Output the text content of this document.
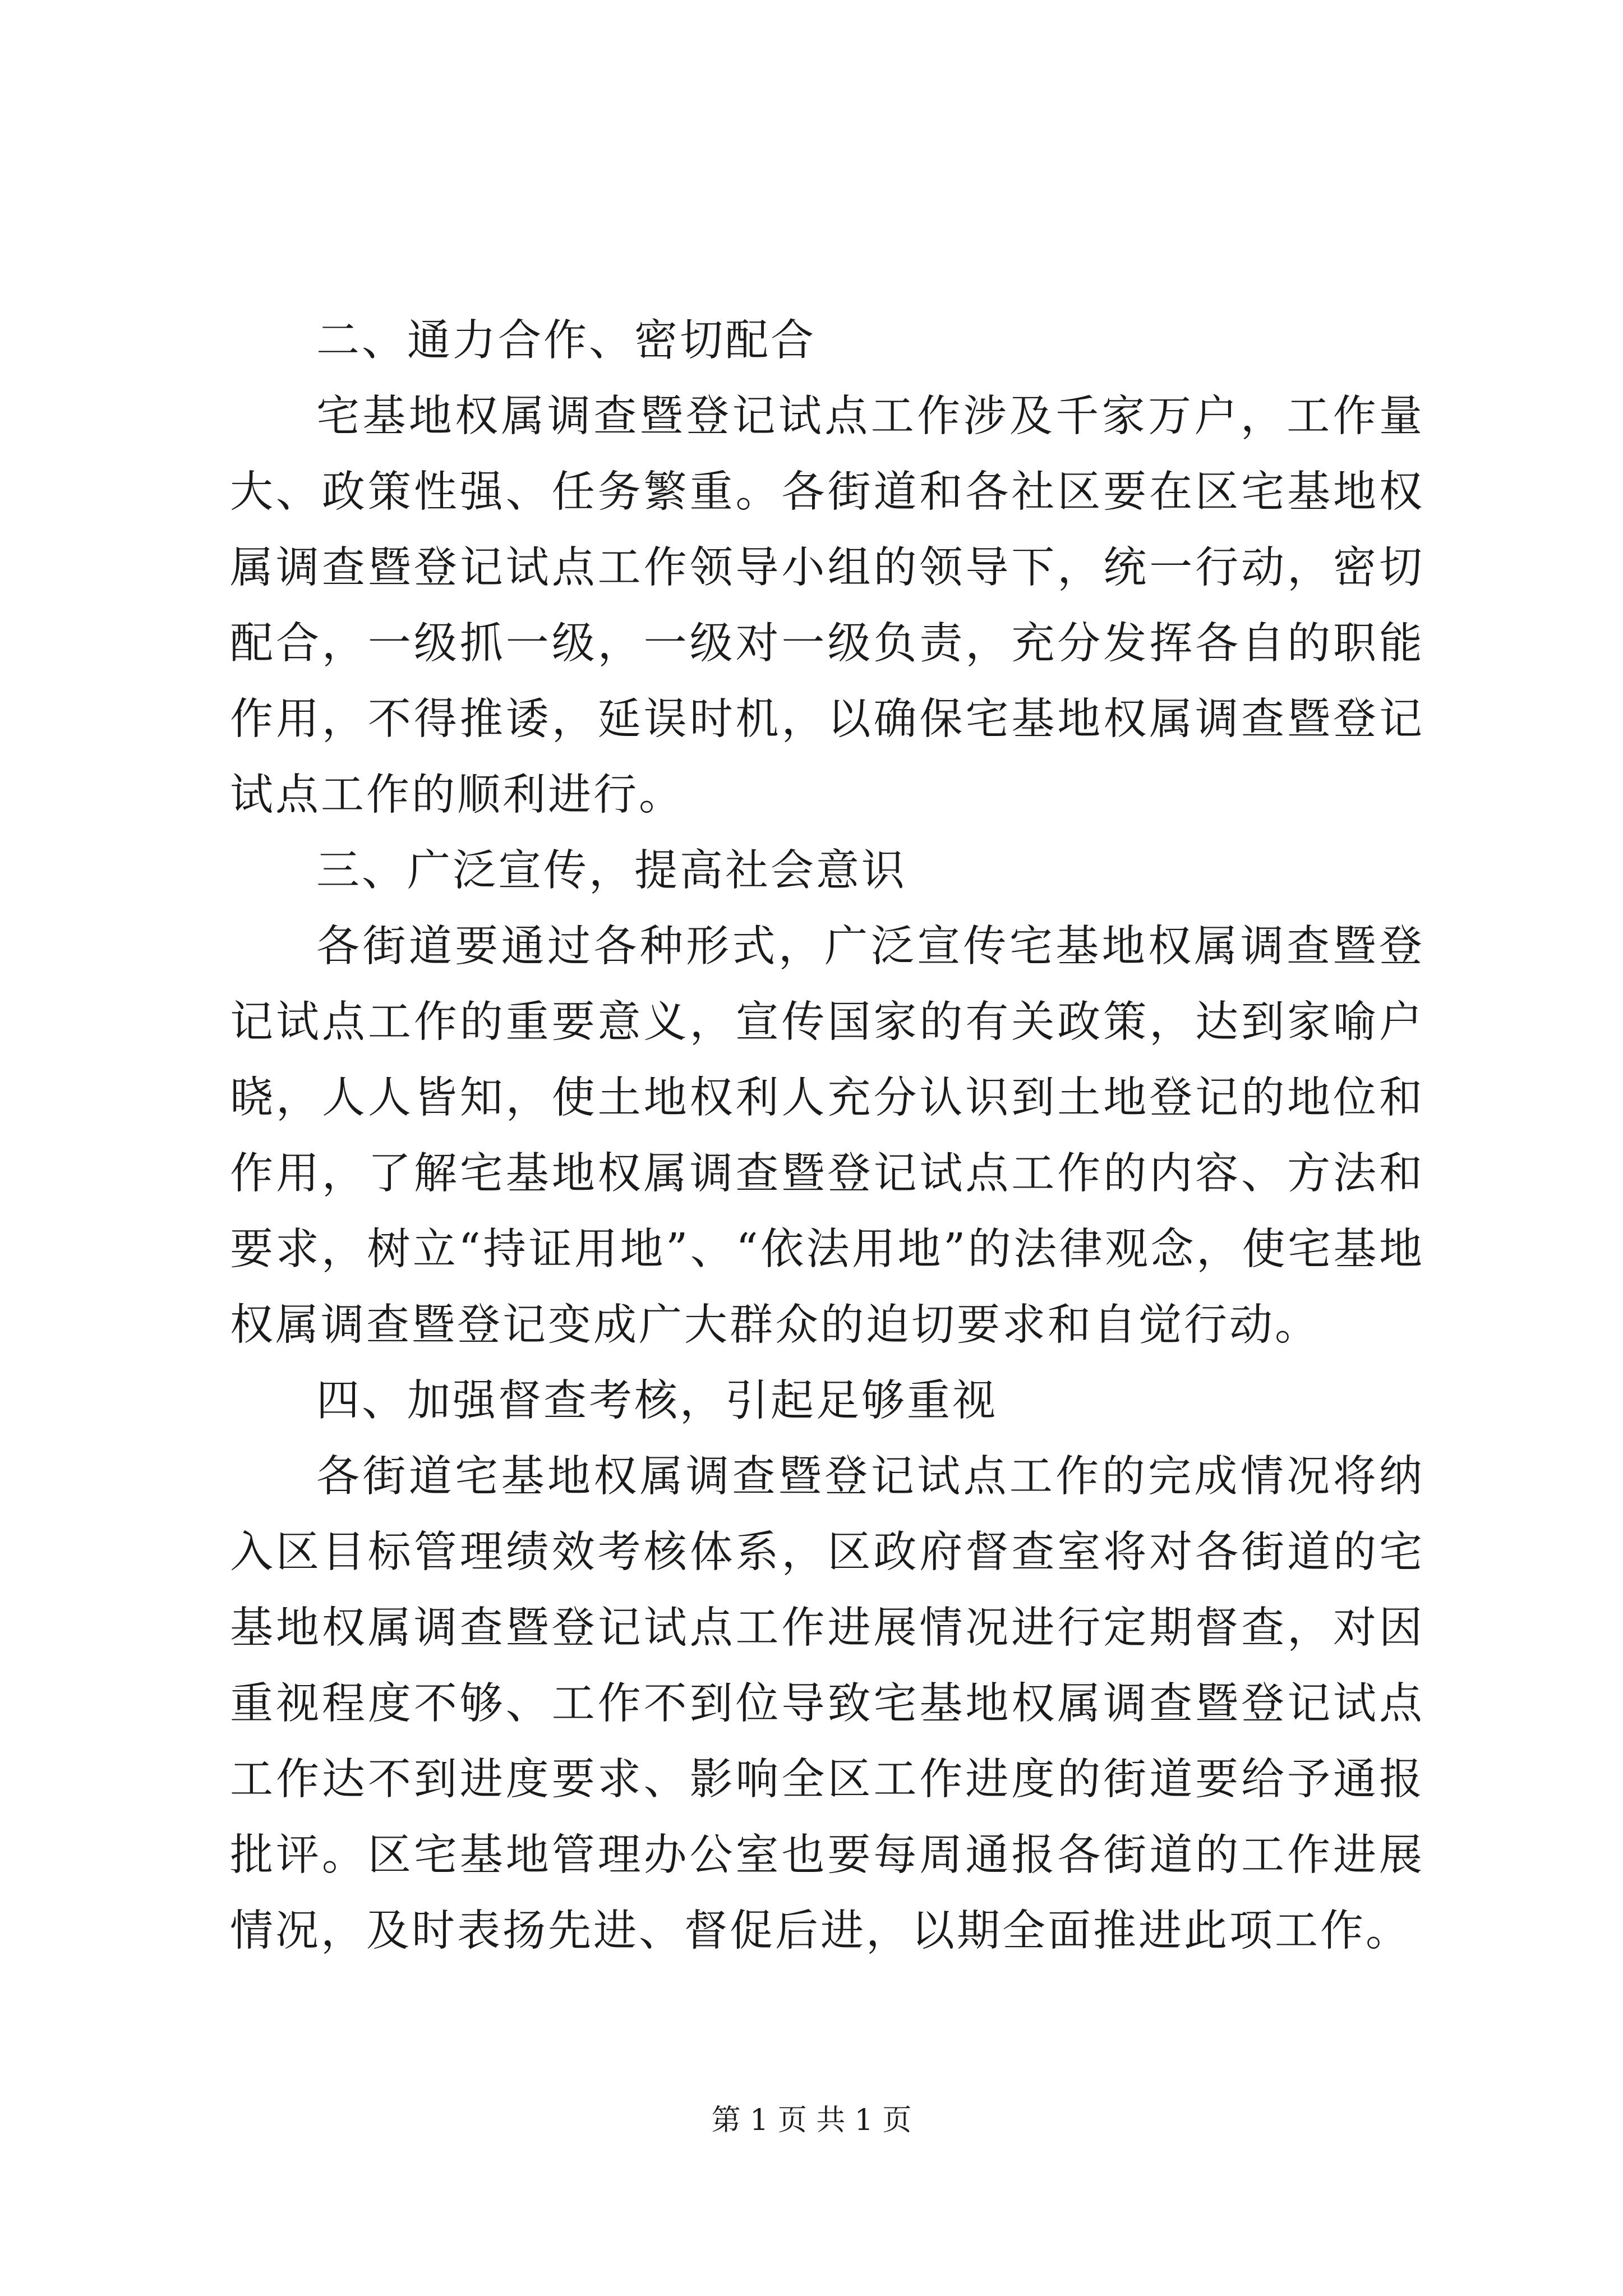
二、通力合作、密切配合

宅基地权属调查暨登记试点工作涉及千家万户，工作量大、政策性强、任务繁重。各街道和各社区要在区宅基地权属调查暨登记试点工作领导小组的领导下，统一行动，密切配合，一级抓一级，一级对一级负责，充分发挥各自的职能作用，不得推诿，延误时机，以确保宅基地权属调查暨登记试点工作的顺利进行。

三、广泛宣传，提高社会意识

各街道要通过各种形式，广泛宣传宅基地权属调查暨登记试点工作的重要意义，宣传国家的有关政策，达到家喻户晓，人人皆知，使土地权利人充分认识到土地登记的地位和作用，了解宅基地权属调查暨登记试点工作的内容、方法和要求，树立“持证用地”、“依法用地”的法律观念，使宅基地权属调查暨登记变成广大群众的迫切要求和自觉行动。

四、加强督查考核，引起足够重视

各街道宅基地权属调查暨登记试点工作的完成情况将纳入区目标管理绩效考核体系，区政府督查室将对各街道的宅基地权属调查暨登记试点工作进展情况进行定期督查，对因重视程度不够、工作不到位导致宅基地权属调查暨登记试点工作达不到进度要求、影响全区工作进度的街道要给予通报批评。区宅基地管理办公室也要每周通报各街道的工作进展情况，及时表扬先进、督促后进，以期全面推进此项工作。

第 1 页 共 1 页
